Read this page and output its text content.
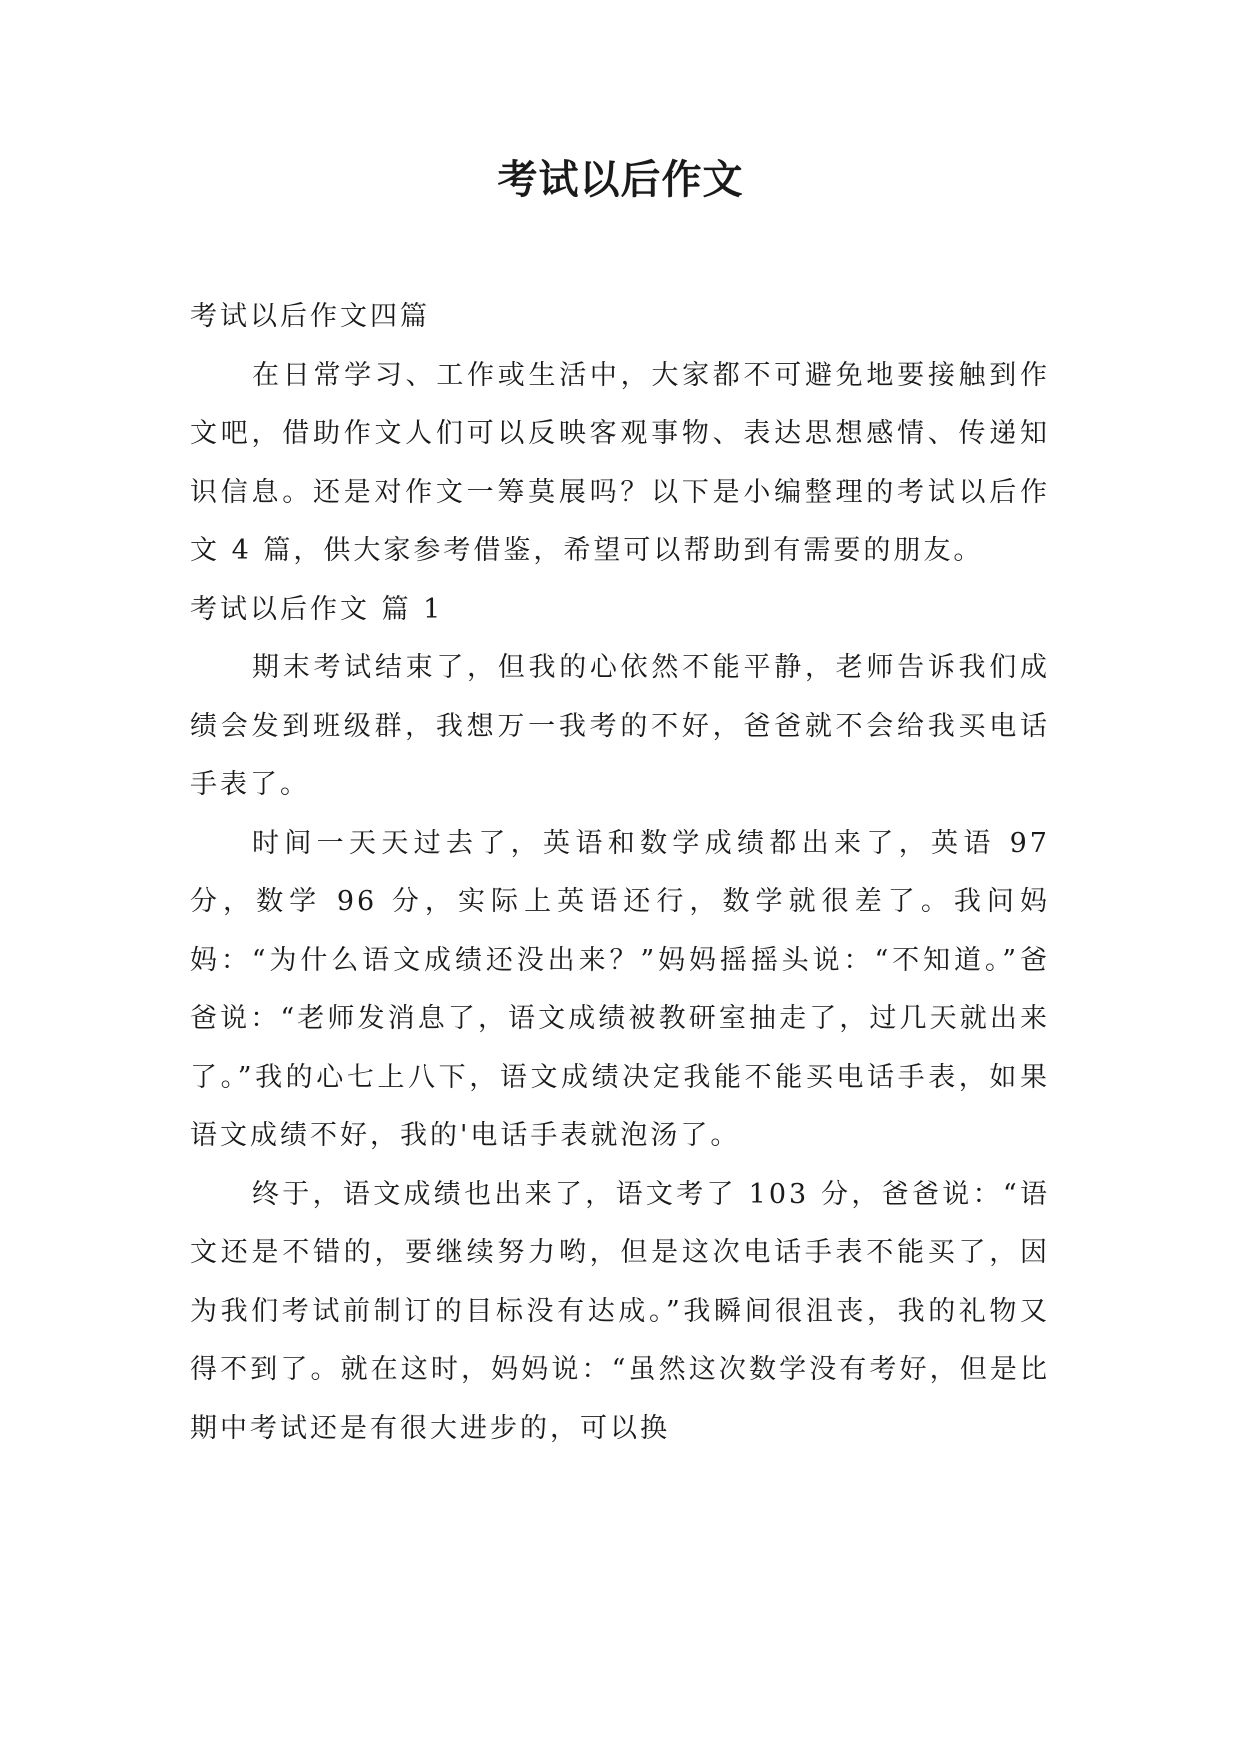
考试以后作文

考试以后作文四篇

在日常学习、工作或生活中，大家都不可避免地要接触到作文吧，借助作文人们可以反映客观事物、表达思想感情、传递知识信息。还是对作文一筹莫展吗？以下是小编整理的考试以后作文 4 篇，供大家参考借鉴，希望可以帮助到有需要的朋友。

考试以后作文 篇 1

期末考试结束了，但我的心依然不能平静，老师告诉我们成绩会发到班级群，我想万一我考的不好，爸爸就不会给我买电话手表了。

时间一天天过去了，英语和数学成绩都出来了，英语 97 分，数学 96 分，实际上英语还行，数学就很差了。我问妈妈：“为什么语文成绩还没出来？”妈妈摇摇头说：“不知道。”爸爸说：“老师发消息了，语文成绩被教研室抽走了，过几天就出来了。”我的心七上八下，语文成绩决定我能不能买电话手表，如果语文成绩不好，我的'电话手表就泡汤了。

终于，语文成绩也出来了，语文考了 103 分，爸爸说：“语文还是不错的，要继续努力哟，但是这次电话手表不能买了，因为我们考试前制订的目标没有达成。”我瞬间很沮丧，我的礼物又得不到了。就在这时，妈妈说：“虽然这次数学没有考好，但是比期中考试还是有很大进步的，可以换
